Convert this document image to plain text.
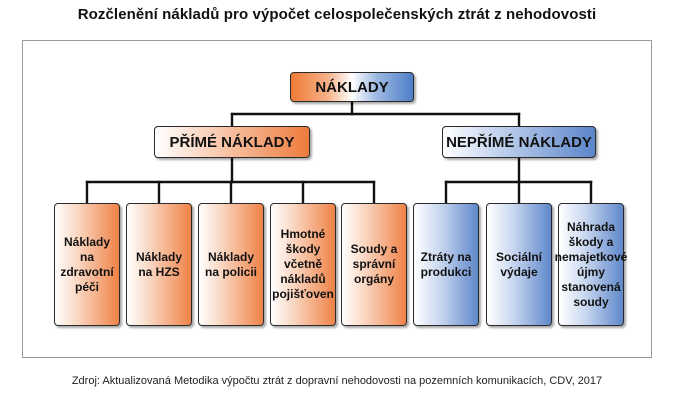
Rozčlenění nákladů pro výpočet celospolečenských ztrát z nehodovosti
NÁKLADY
PŘÍMÉ NÁKLADY	NEPŘÍMÉ NÁKLADY
Náklady na zdravotní péči
Náklady na HZS
Náklady na policii
Hmotné škody včetně nákladů pojišťoven
Soudy a správní orgány
Ztráty na produkci
Sociální výdaje
Náhrada škody a nemajetkové újmy stanovená soudy
Zdroj: Aktualizovaná Metodika výpočtu ztrát z dopravní nehodovosti na pozemních komunikacích, CDV, 2017
